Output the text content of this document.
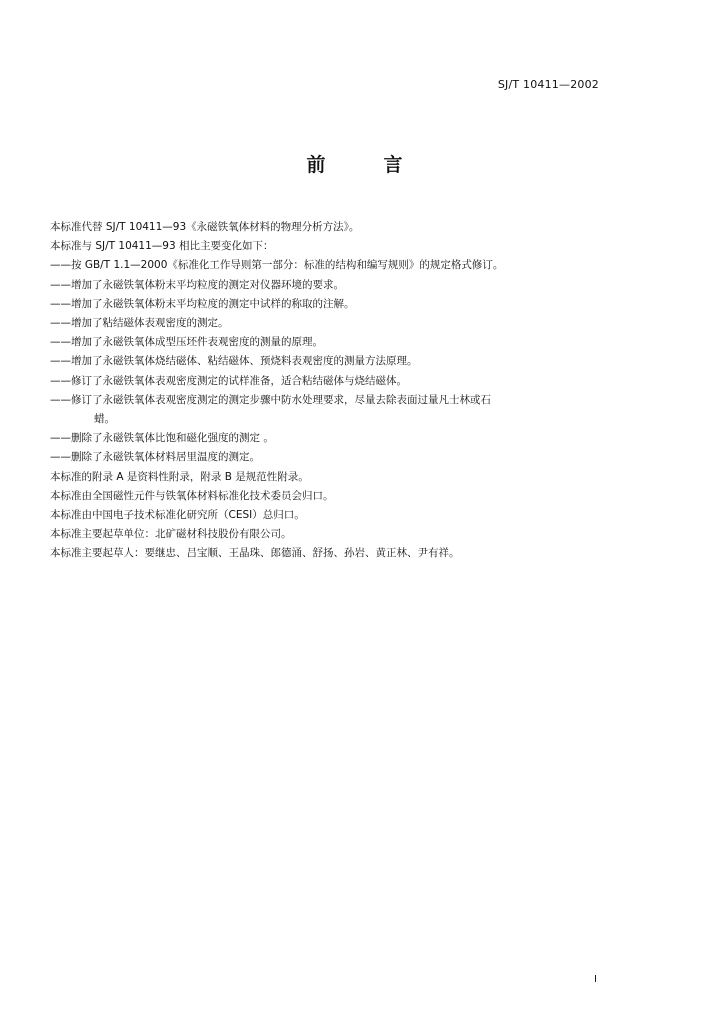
SJ/T 10411—2002
前	言

本标准代替 SJ/T 10411—93《永磁铁氧体材料的物理分析方法》。

本标准与 SJ/T 10411—93 相比主要变化如下：

——按 GB/T 1.1—2000《标准化工作导则第一部分：标准的结构和编写规则》的规定格式修订。

——增加了永磁铁氧体粉末平均粒度的测定对仪器环境的要求。

——增加了永磁铁氧体粉末平均粒度的测定中试样的称取的注解。

——增加了粘结磁体表观密度的测定。

——增加了永磁铁氧体成型压坯件表观密度的测量的原理。

——增加了永磁铁氧体烧结磁体、粘结磁体、预烧料表观密度的测量方法原理。

——修订了永磁铁氧体表观密度测定的试样准备，适合粘结磁体与烧结磁体。

——修订了永磁铁氧体表观密度测定的测定步骤中防水处理要求，尽量去除表面过量凡士林或石
蜡。

——删除了永磁铁氧体比饱和磁化强度的测定 。

——删除了永磁铁氧体材料居里温度的测定。

本标准的附录 A 是资料性附录，附录 B 是规范性附录。

本标准由全国磁性元件与铁氧体材料标准化技术委员会归口。

本标准由中国电子技术标准化研究所（CESI）总归口。

本标准主要起草单位：北矿磁材科技股份有限公司。

本标准主要起草人：要继忠、吕宝顺、王晶珠、郎德涌、舒扬、孙岩、黄正林、尹有祥。

I
